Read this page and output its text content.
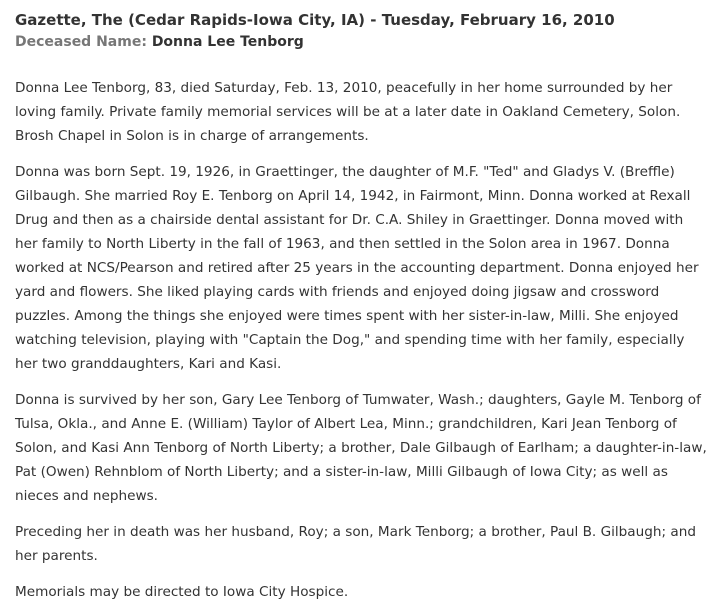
Gazette, The (Cedar Rapids-Iowa City, IA) - Tuesday, February 16, 2010
Deceased Name: Donna Lee Tenborg

Donna Lee Tenborg, 83, died Saturday, Feb. 13, 2010, peacefully in her home surrounded by her loving family. Private family memorial services will be at a later date in Oakland Cemetery, Solon. Brosh Chapel in Solon is in charge of arrangements.

Donna was born Sept. 19, 1926, in Graettinger, the daughter of M.F. "Ted" and Gladys V. (Breffle) Gilbaugh. She married Roy E. Tenborg on April 14, 1942, in Fairmont, Minn. Donna worked at Rexall Drug and then as a chairside dental assistant for Dr. C.A. Shiley in Graettinger. Donna moved with her family to North Liberty in the fall of 1963, and then settled in the Solon area in 1967. Donna worked at NCS/Pearson and retired after 25 years in the accounting department. Donna enjoyed her yard and flowers. She liked playing cards with friends and enjoyed doing jigsaw and crossword puzzles. Among the things she enjoyed were times spent with her sister-in-law, Milli. She enjoyed watching television, playing with "Captain the Dog," and spending time with her family, especially her two granddaughters, Kari and Kasi.

Donna is survived by her son, Gary Lee Tenborg of Tumwater, Wash.; daughters, Gayle M. Tenborg of Tulsa, Okla., and Anne E. (William) Taylor of Albert Lea, Minn.; grandchildren, Kari Jean Tenborg of Solon, and Kasi Ann Tenborg of North Liberty; a brother, Dale Gilbaugh of Earlham; a daughter-in-law, Pat (Owen) Rehnblom of North Liberty; and a sister-in-law, Milli Gilbaugh of Iowa City; as well as nieces and nephews.

Preceding her in death was her husband, Roy; a son, Mark Tenborg; a brother, Paul B. Gilbaugh; and her parents.

Memorials may be directed to Iowa City Hospice.
